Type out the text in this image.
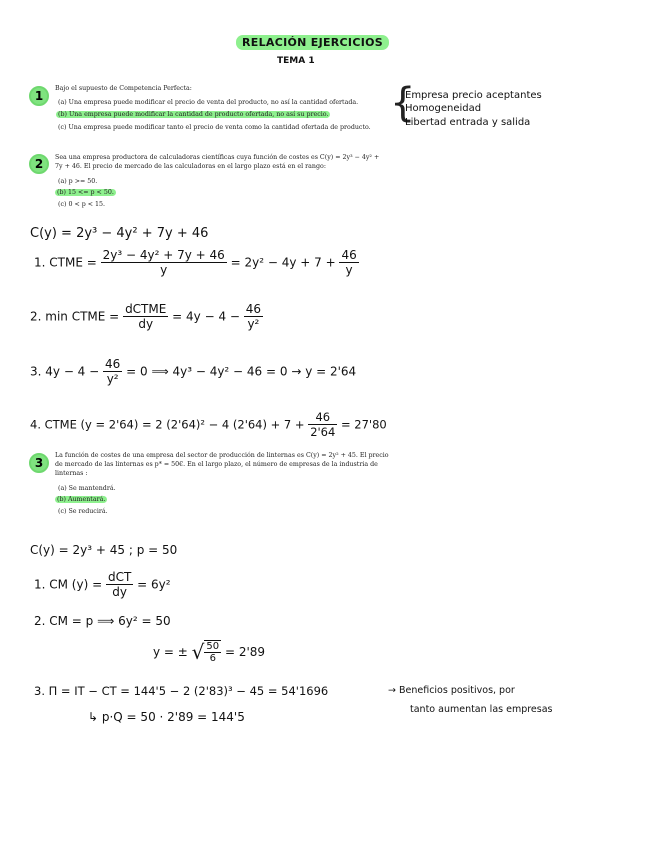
RELACIÓN EJERCICIOS
TEMA 1
1
Bajo el supuesto de Competencia Perfecta:
(a) Una empresa puede modificar el precio de venta del producto, no así la cantidad ofertada.
(b) Una empresa puede modificar la cantidad de producto ofertada, no así su precio.
(c) Una empresa puede modificar tanto el precio de venta como la cantidad ofertada de producto.
{
Empresa precio aceptantes
Homogeneidad
Libertad entrada y salida
2	Sea una empresa productora de calculadoras científicas cuya función de costes es C(y) = 2y³ − 4y² +
7y + 46. El precio de mercado de las calculadoras en el largo plazo está en el rango:
(a) p >= 50.
(b) 15 <= p < 50.
(c) 0 < p < 15.
C(y) = 2y³ − 4y² + 7y + 46
1. CTME = $\frac{\text{2y³ − 4y² + 7y + 46}}{y} = 2y^2 - 4y + 7 + \frac{46}{y}$
2. min CTME = $\frac{\text{dCTME}}{dy} = 4y - 4 - \frac{46}{\text{y²}}$
3. $4y - 4 - \frac{46}{\text{y²}} = 0$ ⟹ 4y³ − 4y² − 46 = 0 → y = 2'64
4. CTME (y = 2'64) = 2 (2'64)² − 4 $(2'64) + 7 + \frac{46}{2'64} = 27'80$
3
La función de costes de una empresa del sector de producción de linternas es C(y) = 2y² + 45. El precio
de mercado de las linternas es p* = 50€. En el largo plazo, el número de empresas de la industria de
linternas :
(a) Se mantendrá.
(b) Aumentará.
(c) Se reducirá.
C(y) = 2y³ + 45 ; p = 50
1. CM $(y) = \frac{\text{dCT}}{dy} = 6y^2$
2. CM = p ⟹ 6y² = 50
y = ± √ $\frac{50}{6} = 2'89$
3. Π = IT − CT = 144'5 − 2 (2'83)³ − 45 = 54'1696	→ Beneficios positivos, por
tanto aumentan las empresas
↳ p·Q = 50 · 2'89 = 144'5
